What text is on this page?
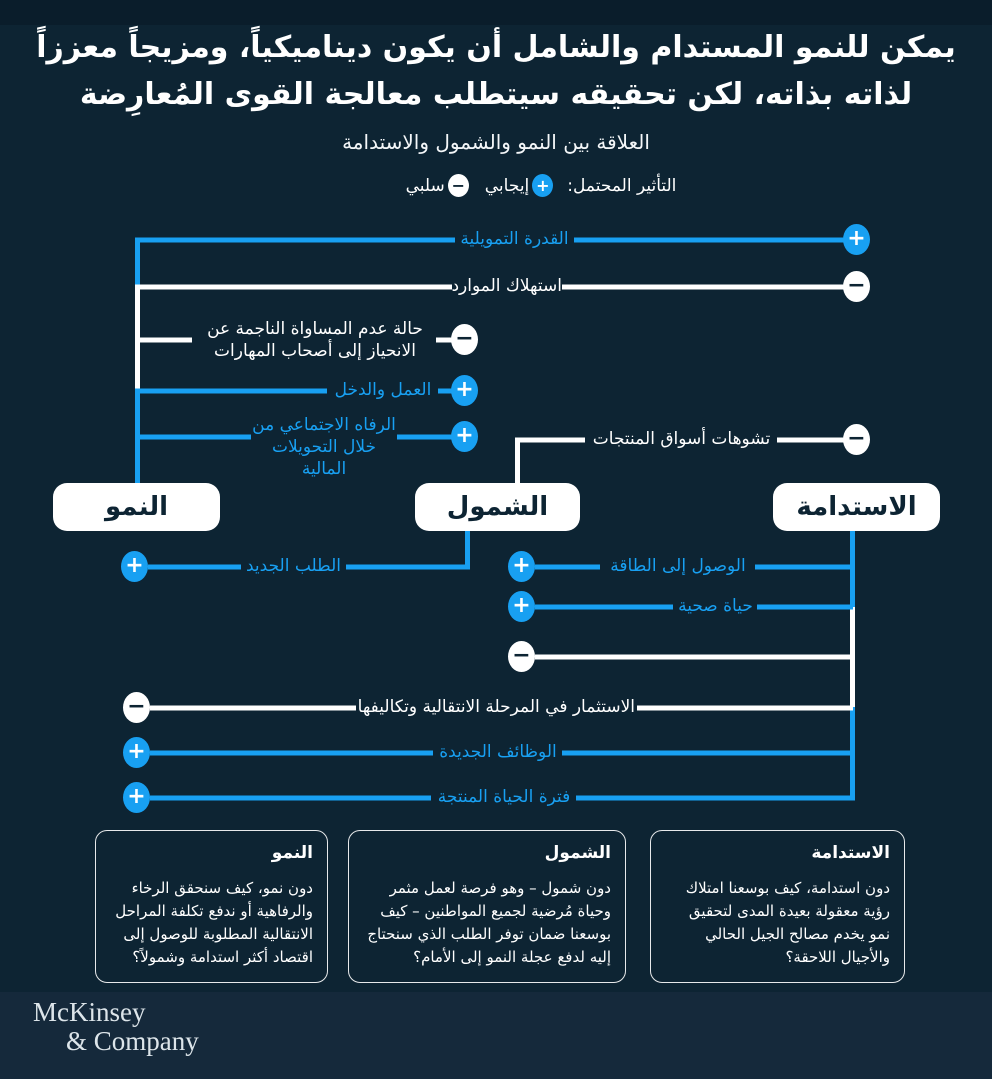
يمكن للنمو المستدام والشامل أن يكون ديناميكياً، ومزيجاً معززاً
لذاته بذاته، لكن تحقيقه سيتطلب معالجة القوى المُعارِضة
العلاقة بين النمو والشمول والاستدامة
التأثير المحتمل:
+
إيجابي
−
سلبي
القدرة التمويلية
استهلاك الموارد
حالة عدم المساواة الناجمة عن الانحياز إلى أصحاب المهارات
العمل والدخل
الرفاه الاجتماعي من خلال التحويلات المالية
تشوهات أسواق المنتجات
الطلب الجديد	الوصول إلى الطاقة
حياة صحية
الاستثمار في المرحلة الانتقالية وتكاليفها
الوظائف الجديدة
فترة الحياة المنتجة
+
−
−
+
+	−
+	+
+
−
−
+
+
النمو	الشمول	الاستدامة
النمو
دون نمو، كيف سنحقق الرخاء والرفاهية أو ندفع تكلفة المراحل الانتقالية المطلوبة للوصول إلى اقتصاد أكثر استدامة وشمولاً؟
الشمول
دون شمول – وهو فرصة لعمل مثمر وحياة مُرضية لجميع المواطنين – كيف بوسعنا ضمان توفر الطلب الذي سنحتاج إليه لدفع عجلة النمو إلى الأمام؟
الاستدامة
دون استدامة، كيف بوسعنا امتلاك رؤية معقولة بعيدة المدى لتحقيق نمو يخدم مصالح الجيل الحالي والأجيال اللاحقة؟
McKinsey
& Company
